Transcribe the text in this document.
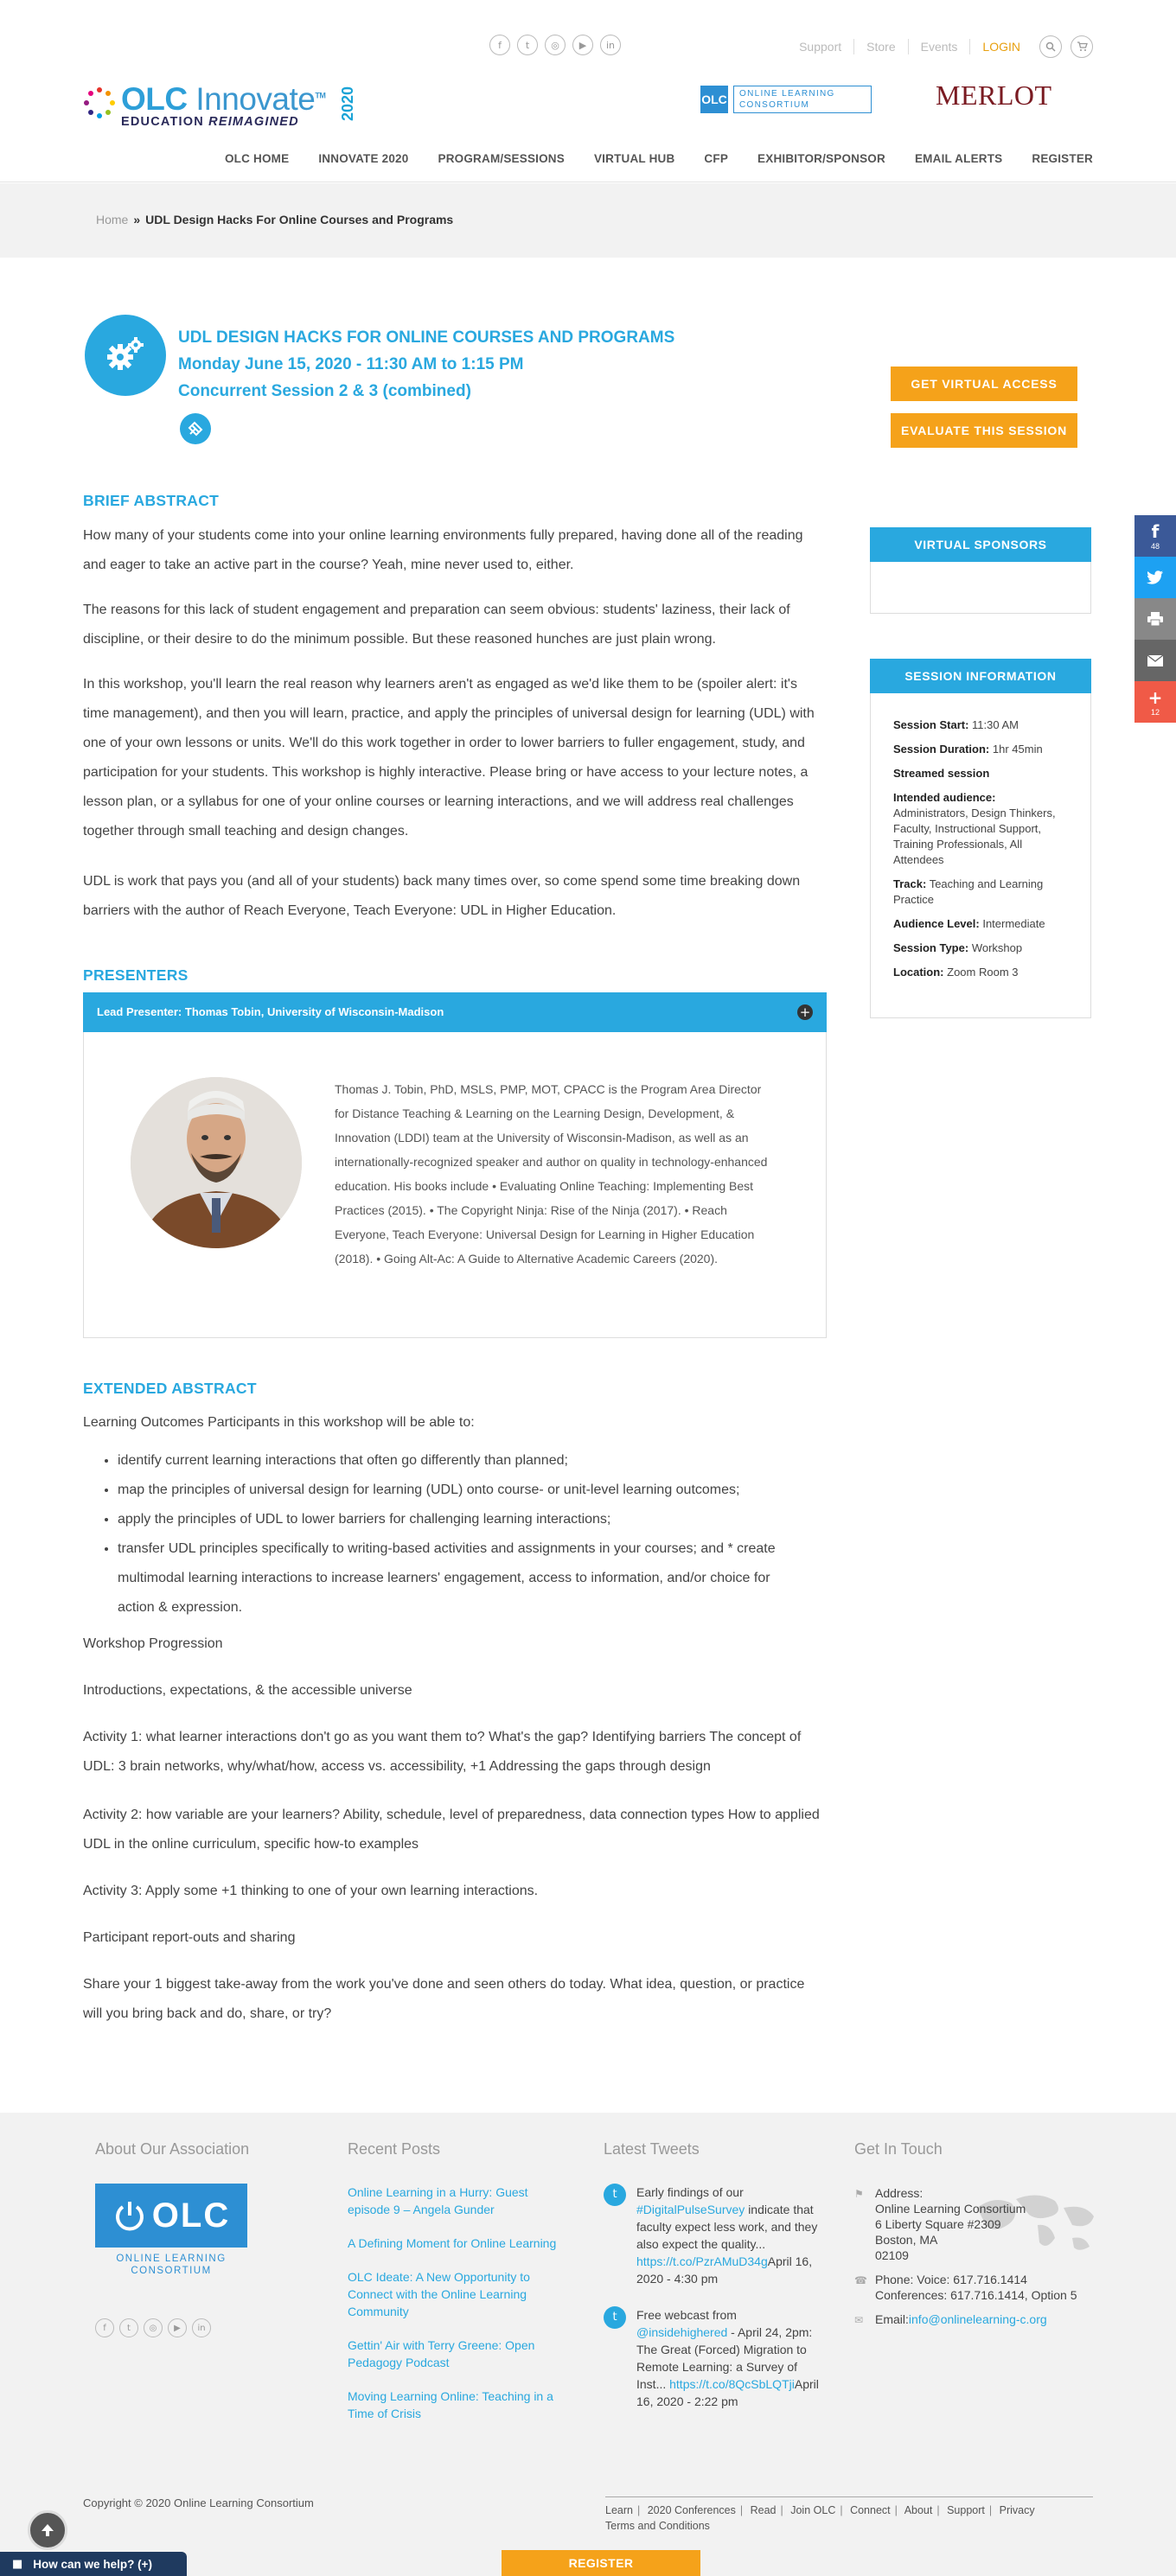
f	t	◎	▶	in	Support	Store	Events	LOGIN
OLC Innovate™
EDUCATION REIMAGINED
2020	OLC	ONLINE LEARNING CONSORTIUM	MERLOT
OLC HOME	INNOVATE 2020	PROGRAM/SESSIONS	VIRTUAL HUB	CFP	EXHIBITOR/SPONSOR	EMAIL ALERTS	REGISTER
Home » UDL Design Hacks For Online Courses and Programs
UDL DESIGN HACKS FOR ONLINE COURSES AND PROGRAMS
Monday June 15, 2020 - 11:30 AM to 1:15 PM
Concurrent Session 2 & 3 (combined)	GET VIRTUAL ACCESS
EVALUATE THIS SESSION
BRIEF ABSTRACT

How many of your students come into your online learning environments fully prepared, having done all of the reading and eager to take an active part in the course? Yeah, mine never used to, either.

The reasons for this lack of student engagement and preparation can seem obvious: students' laziness, their lack of discipline, or their desire to do the minimum possible. But these reasoned hunches are just plain wrong.

In this workshop, you'll learn the real reason why learners aren't as engaged as we'd like them to be (spoiler alert: it's time management), and then you will learn, practice, and apply the principles of universal design for learning (UDL) with one of your own lessons or units. We'll do this work together in order to lower barriers to fuller engagement, study, and participation for your students. This workshop is highly interactive. Please bring or have access to your lecture notes, a lesson plan, or a syllabus for one of your online courses or learning interactions, and we will address real challenges together through small teaching and design changes.

UDL is work that pays you (and all of your students) back many times over, so come spend some time breaking down barriers with the author of Reach Everyone, Teach Everyone: UDL in Higher Education.

PRESENTERS
Lead Presenter: Thomas Tobin, University of Wisconsin-Madison	+
Thomas J. Tobin, PhD, MSLS, PMP, MOT, CPACC is the Program Area Director for Distance Teaching & Learning on the Learning Design, Development, & Innovation (LDDI) team at the University of Wisconsin-Madison, as well as an internationally-recognized speaker and author on quality in technology-enhanced education. His books include • Evaluating Online Teaching: Implementing Best Practices (2015). • The Copyright Ninja: Rise of the Ninja (2017). • Reach Everyone, Teach Everyone: Universal Design for Learning in Higher Education (2018). • Going Alt-Ac: A Guide to Alternative Academic Careers (2020).
EXTENDED ABSTRACT

Learning Outcomes Participants in this workshop will be able to:

• identify current learning interactions that often go differently than planned;
• map the principles of universal design for learning (UDL) onto course- or unit-level learning outcomes;
• apply the principles of UDL to lower barriers for challenging learning interactions;
• transfer UDL principles specifically to writing-based activities and assignments in your courses; and * create multimodal learning interactions to increase learners' engagement, access to information, and/or choice for action & expression.

Workshop Progression

Introductions, expectations, & the accessible universe

Activity 1: what learner interactions don't go as you want them to? What's the gap? Identifying barriers The concept of UDL: 3 brain networks, why/what/how, access vs. accessibility, +1 Addressing the gaps through design

Activity 2: how variable are your learners? Ability, schedule, level of preparedness, data connection types How to applied UDL in the online curriculum, specific how-to examples

Activity 3: Apply some +1 thinking to one of your own learning interactions.

Participant report-outs and sharing

Share your 1 biggest take-away from the work you've done and seen others do today. What idea, question, or practice will you bring back and do, share, or try?

VIRTUAL SPONSORS
SESSION INFORMATION
Session Start: 11:30 AM
Session Duration: 1hr 45min
Streamed session
Intended audience:
Administrators, Design Thinkers, Faculty, Instructional Support, Training Professionals, All Attendees
Track: Teaching and Learning Practice
Audience Level: Intermediate
Session Type: Workshop
Location: Zoom Room 3
f
48
+
12
About Our Association	Recent Posts	Latest Tweets	Get In Touch
OLC
ONLINE LEARNING CONSORTIUM
f	t	◎	▶	in
Online Learning in a Hurry: Guest episode 9 – Angela Gunder
A Defining Moment for Online Learning
OLC Ideate: A New Opportunity to Connect with the Online Learning Community
Gettin' Air with Terry Greene: Open Pedagogy Podcast
Moving Learning Online: Teaching in a Time of Crisis
t	Early findings of our #DigitalPulseSurvey indicate that faculty expect less work, and they also expect the quality... https://t.co/PzrAMuD34gApril 16, 2020 - 4:30 pm
t	Free webcast from @insidehighered - April 24, 2pm: The Great (Forced) Migration to Remote Learning: a Survey of Inst... https://t.co/8QcSbLQTjiApril 16, 2020 - 2:22 pm
⚑ Address:
Online Learning Consortium
6 Liberty Square #2309
Boston, MA
02109
☎ Phone: Voice: 617.716.1414
Conferences: 617.716.1414, Option 5
✉ Email:info@onlinelearning-c.org
Copyright © 2020 Online Learning Consortium
Learn | 2020 Conferences | Read | Join OLC | Connect | About | Support | Privacy
Terms and Conditions
■ How can we help? (+)	REGISTER
